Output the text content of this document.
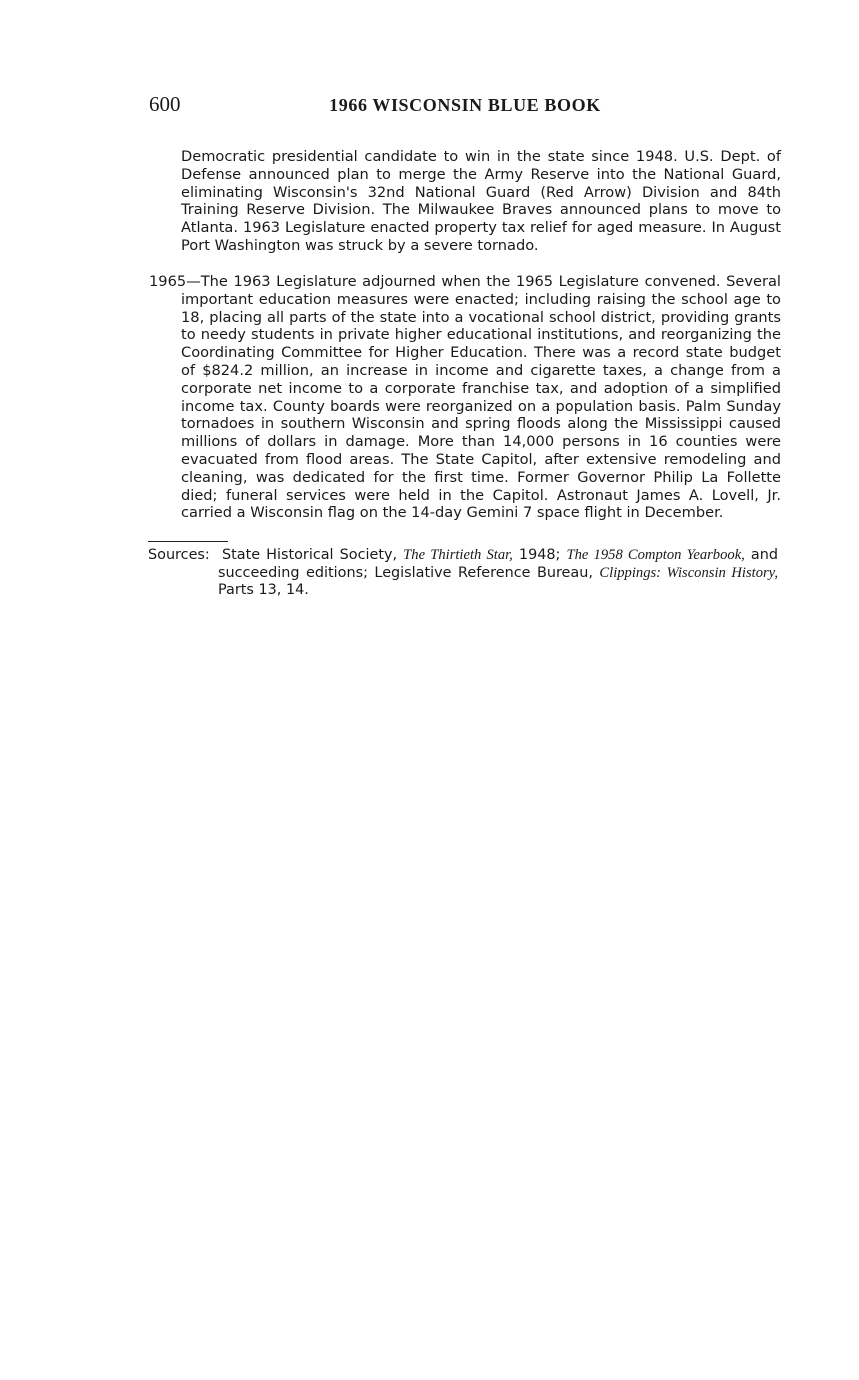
600	1966 WISCONSIN BLUE BOOK

Democratic presidential candidate to win in the state since 1948. U.S. Dept. of Defense announced plan to merge the Army Reserve into the National Guard, eliminating Wisconsin's 32nd National Guard (Red Arrow) Division and 84th Training Reserve Division. The Milwaukee Braves announced plans to move to Atlanta. 1963 Legislature enacted property tax relief for aged measure. In August Port Washington was struck by a severe tornado.

1965—The 1963 Legislature adjourned when the 1965 Legislature convened. Several important education measures were enacted; including raising the school age to 18, placing all parts of the state into a vocational school district, providing grants to needy students in private higher educational institutions, and reorganizing the Coordinating Committee for Higher Education. There was a record state budget of $824.2 million, an increase in income and cigarette taxes, a change from a corporate net income to a corporate franchise tax, and adoption of a simplified income tax. County boards were reorganized on a population basis. Palm Sunday tornadoes in southern Wisconsin and spring floods along the Mississippi caused millions of dollars in damage. More than 14,000 persons in 16 counties were evacuated from flood areas. The State Capitol, after extensive remodeling and cleaning, was dedicated for the first time. Former Governor Philip La Follette died; funeral services were held in the Capitol. Astronaut James A. Lovell, Jr. carried a Wisconsin flag on the 14-day Gemini 7 space flight in December.

Sources: State Historical Society, The Thirtieth Star, 1948; The 1958 Compton Yearbook, and succeeding editions; Legislative Reference Bureau, Clippings: Wisconsin History, Parts 13, 14.
